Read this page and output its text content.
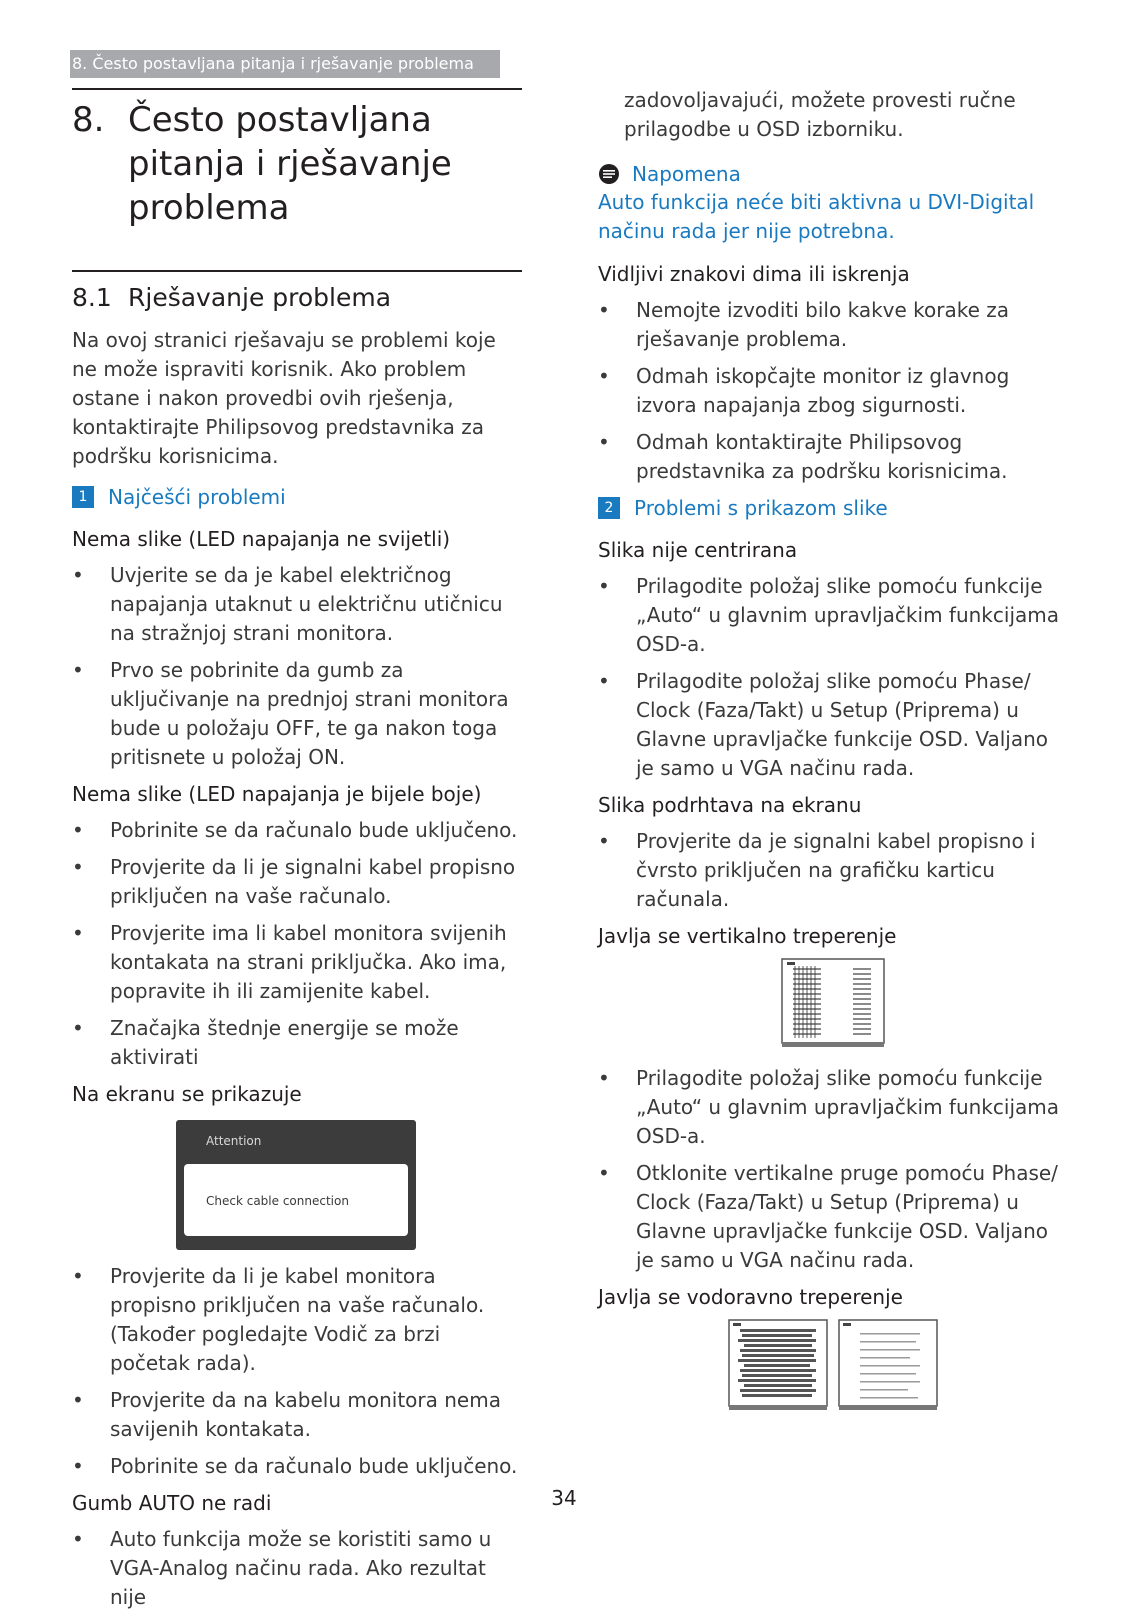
8. Često postavljana pitanja i rješavanje problema
8. Često postavljana pitanja i rješavanje problema
8.1 Rješavanje problema

Na ovoj stranici rješavaju se problemi koje ne može ispraviti korisnik. Ako problem ostane i nakon provedbi ovih rješenja, kontaktirajte Philipsovog predstavnika za podršku korisnicima.

1	Najčešći problemi
Nema slike (LED napajanja ne svijetli)
• Uvjerite se da je kabel električnog napajanja utaknut u električnu utičnicu na stražnjoj strani monitora.
• Prvo se pobrinite da gumb za uključivanje na prednjoj strani monitora bude u položaju OFF, te ga nakon toga pritisnete u položaj ON.
Nema slike (LED napajanja je bijele boje)
• Pobrinite se da računalo bude uključeno.
• Provjerite da li je signalni kabel propisno priključen na vaše računalo.
• Provjerite ima li kabel monitora svijenih kontakata na strani priključka. Ako ima, popravite ih ili zamijenite kabel.
• Značajka štednje energije se može aktivirati
Na ekranu se prikazuje
Attention
Check cable connection
• Provjerite da li je kabel monitora propisno priključen na vaše računalo. (Također pogledajte Vodič za brzi početak rada).
• Provjerite da na kabelu monitora nema savijenih kontakata.
• Pobrinite se da računalo bude uključeno.
Gumb AUTO ne radi
• Auto funkcija može se koristiti samo u VGA-Analog načinu rada. Ako rezultat nije

zadovoljavajući, možete provesti ručne prilagodbe u OSD izborniku.

Napomena

Auto funkcija neće biti aktivna u DVI-Digital načinu rada jer nije potrebna.

Vidljivi znakovi dima ili iskrenja
• Nemojte izvoditi bilo kakve korake za rješavanje problema.
• Odmah iskopčajte monitor iz glavnog izvora napajanja zbog sigurnosti.
• Odmah kontaktirajte Philipsovog predstavnika za podršku korisnicima.
2	Problemi s prikazom slike
Slika nije centrirana
• Prilagodite položaj slike pomoću funkcije „Auto“ u glavnim upravljačkim funkcijama OSD-a.
• Prilagodite položaj slike pomoću Phase/ Clock (Faza/Takt) u Setup (Priprema) u Glavne upravljačke funkcije OSD. Valjano je samo u VGA načinu rada.
Slika podrhtava na ekranu
• Provjerite da je signalni kabel propisno i čvrsto priključen na grafičku karticu računala.
Javlja se vertikalno treperenje
• Prilagodite položaj slike pomoću funkcije „Auto“ u glavnim upravljačkim funkcijama OSD-a.
• Otklonite vertikalne pruge pomoću Phase/ Clock (Faza/Takt) u Setup (Priprema) u Glavne upravljačke funkcije OSD. Valjano je samo u VGA načinu rada.
Javlja se vodoravno treperenje
34
